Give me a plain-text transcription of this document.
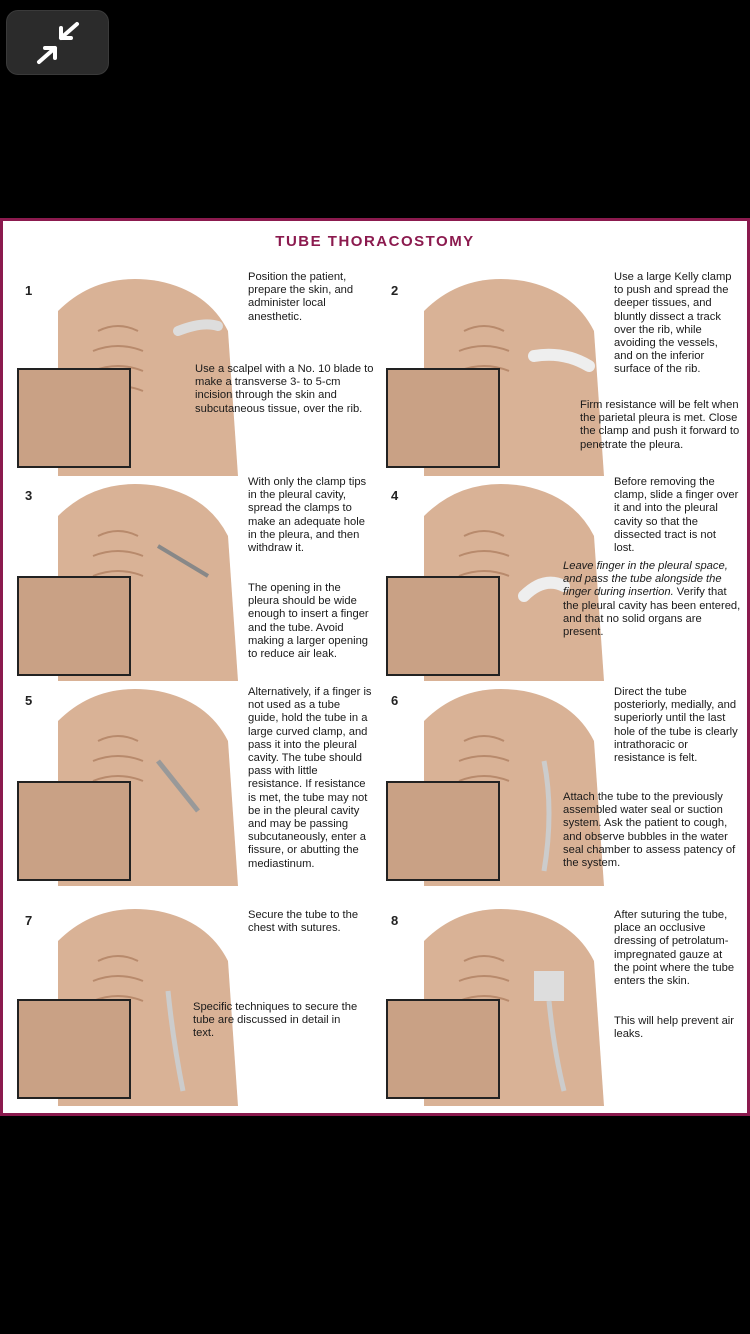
TUBE THORACOSTOMY
1
Position the patient, prepare the skin, and administer local anesthetic.
Use a scalpel with a No. 10 blade to make a transverse 3- to 5-cm incision through the skin and subcutaneous tissue, over the rib.
2
Use a large Kelly clamp to push and spread the deeper tissues, and bluntly dissect a track over the rib, while avoiding the vessels, and on the inferior surface of the rib.
Firm resistance will be felt when the parietal pleura is met. Close the clamp and push it forward to penetrate the pleura.
3
With only the clamp tips in the pleural cavity, spread the clamps to make an adequate hole in the pleura, and then withdraw it.
The opening in the pleura should be wide enough to insert a finger and the tube. Avoid making a larger opening to reduce air leak.
4
Before removing the clamp, slide a finger over it and into the pleural cavity so that the dissected tract is not lost.
Leave finger in the pleural space, and pass the tube alongside the finger during insertion. Verify that the pleural cavity has been entered, and that no solid organs are present.
5
Alternatively, if a finger is not used as a tube guide, hold the tube in a large curved clamp, and pass it into the pleural cavity. The tube should pass with little resistance. If resistance is met, the tube may not be in the pleural cavity and may be passing subcutaneously, enter a fissure, or abutting the mediastinum.
6
Direct the tube posteriorly, medially, and superiorly until the last hole of the tube is clearly intrathoracic or resistance is felt.
Attach the tube to the previously assembled water seal or suction system. Ask the patient to cough, and observe bubbles in the water seal chamber to assess patency of the system.
7	Secure the tube to the chest with sutures.
Specific techniques to secure the tube are discussed in detail in text.
8	After suturing the tube, place an occlusive dressing of petrolatum-impregnated gauze at the point where the tube enters the skin.
This will help prevent air leaks.
